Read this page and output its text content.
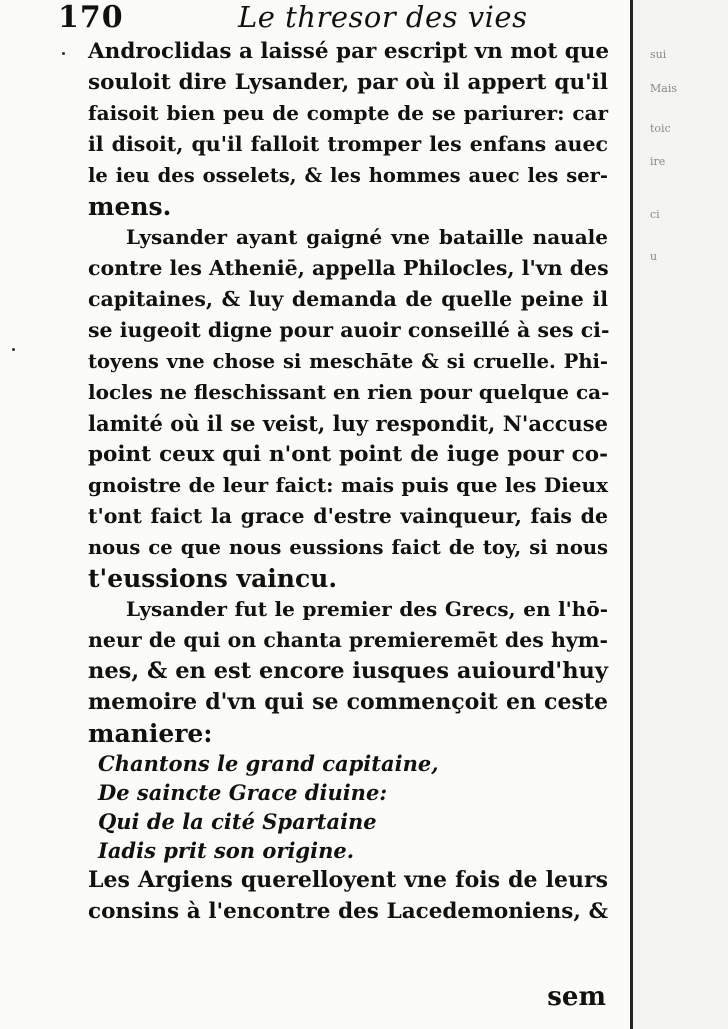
sui
Mais
toic
ire
ci
u
170	Le thresor des vies
Androclidas a laissé par escript vn mot que
souloit dire Lysander, par où il appert qu'il
faisoit bien peu de compte de se pariurer: car
il disoit, qu'il falloit tromper les enfans auec
le ieu des osselets, & les hommes auec les ser-
mens.
Lysander ayant gaigné vne bataille nauale
contre les Atheniē, appella Philocles, l'vn des
capitaines, & luy demanda de quelle peine il
se iugeoit digne pour auoir conseillé à ses ci-
toyens vne chose si meschāte & si cruelle. Phi-
locles ne fleschissant en rien pour quelque ca-
lamité où il se veist, luy respondit, N'accuse
point ceux qui n'ont point de iuge pour co-
gnoistre de leur faict: mais puis que les Dieux
t'ont faict la grace d'estre vainqueur, fais de
nous ce que nous eussions faict de toy, si nous
t'eussions vaincu.
Lysander fut le premier des Grecs, en l'hō-
neur de qui on chanta premieremēt des hym-
nes, & en est encore iusques auiourd'huy
memoire d'vn qui se commençoit en ceste
maniere:
Chantons le grand capitaine,
De saincte Grace diuine:
Qui de la cité Spartaine
Iadis prit son origine.
Les Argiens querelloyent vne fois de leurs
consins à l'encontre des Lacedemoniens, &
sem
